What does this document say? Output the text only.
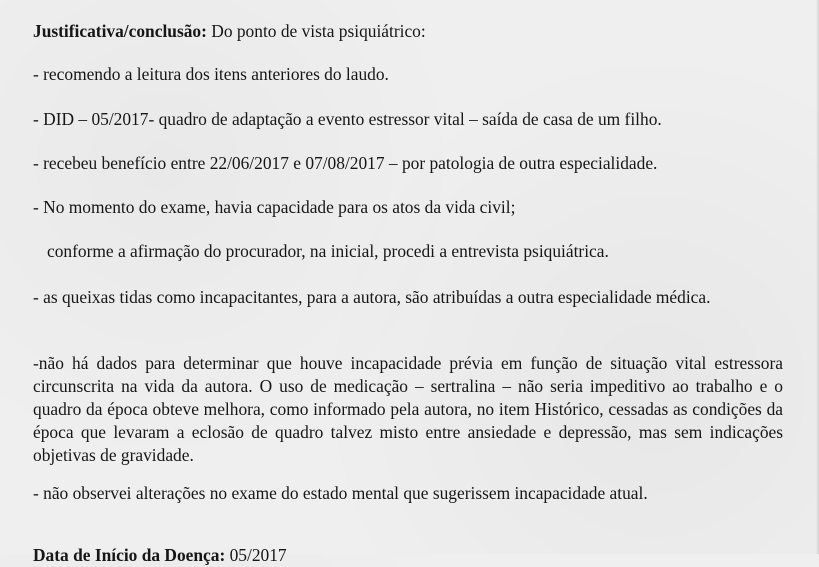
Justificativa/conclusão: Do ponto de vista psiquiátrico:

- recomendo a leitura dos itens anteriores do laudo.

- DID – 05/2017- quadro de adaptação a evento estressor vital – saída de casa de um filho.

- recebeu benefício entre 22/06/2017 e 07/08/2017 – por patologia de outra especialidade.

- No momento do exame, havia capacidade para os atos da vida civil;

conforme a afirmação do procurador, na inicial, procedi a entrevista psiquiátrica.

- as queixas tidas como incapacitantes, para a autora, são atribuídas a outra especialidade médica.

-não há dados para determinar que houve incapacidade prévia em função de situação vital estressora circunscrita na vida da autora. O uso de medicação – sertralina – não seria impeditivo ao trabalho e o quadro da época obteve melhora, como informado pela autora, no item Histórico, cessadas as condições da época que levaram a eclosão de quadro talvez misto entre ansiedade e depressão, mas sem indicações objetivas de gravidade.

- não observei alterações no exame do estado mental que sugerissem incapacidade atual.

Data de Início da Doença: 05/2017
